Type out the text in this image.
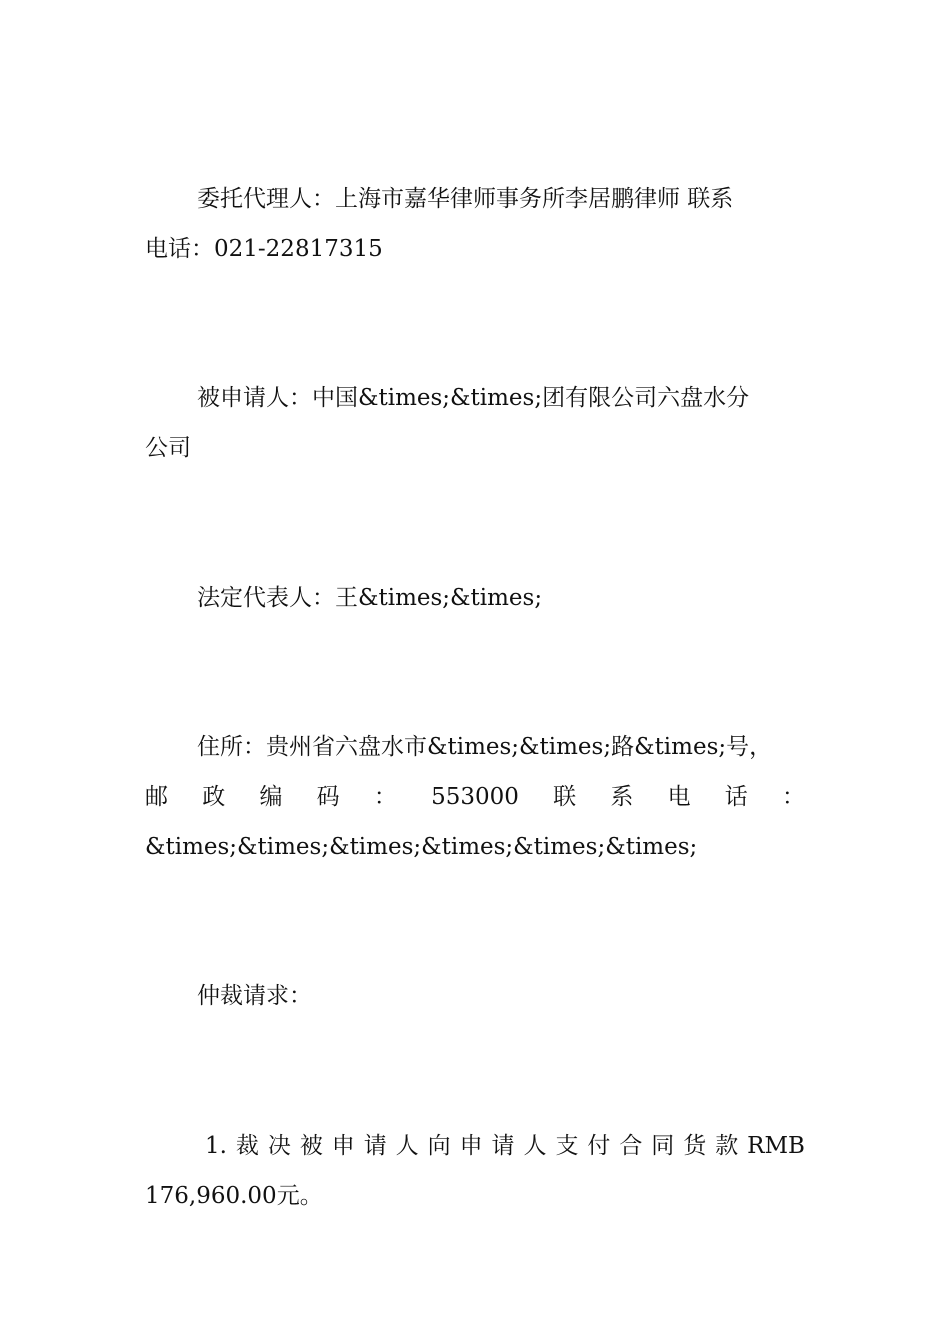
委托代理人：上海市嘉华律师事务所李居鹏律师 联系
电话：021-22817315
被申请人：中国&times;&times;团有限公司六盘水分
公司
法定代表人：王&times;&times;
住所：贵州省六盘水市&times;&times;路&times;号，
邮 政 编 码 ： 553000 联 系 电 话 ：
&times;&times;&times;&times;&times;&times;
仲裁请求：
1. 裁 决 被 申 请 人 向 申 请 人 支 付 合 同 货 款 RMB
176,960.00元。
